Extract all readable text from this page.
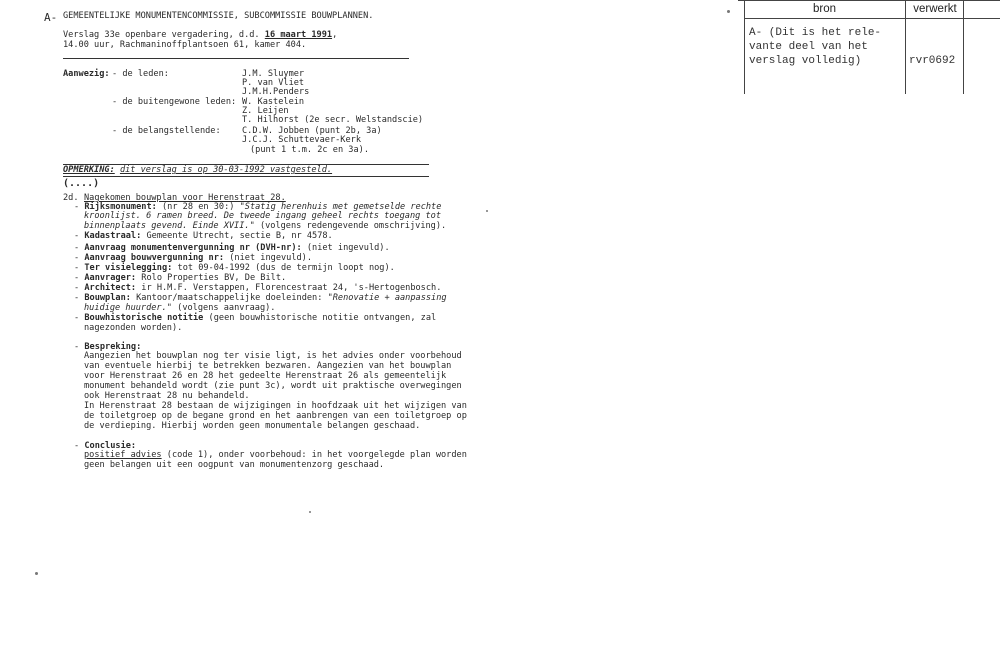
A- GEMEENTELIJKE MONUMENTENCOMMISSIE, SUBCOMMISSIE BOUWPLANNEN.
Verslag 33e openbare vergadering, d.d. 16 maart 1991,
14.00 uur, Rachmaninoffplantsoen 61, kamer 404.
Aanwezig: - de leden:	J.M. Sluymer
P. van Vliet
J.M.H.Penders
- de buitengewone leden: W. Kastelein
Z. Leijen
T. Hilhorst (2e secr. Welstandscie)
- de belangstellende: C.D.W. Jobben (punt 2b, 3a)
J.C.J. Schuttevaer-Kerk
(punt 1 t.m. 2c en 3a).
OPMERKING: dit verslag is op 30-03-1992 vastgesteld.
(....)
2d. Nagekomen bouwplan voor Herenstraat 28.
- Rijksmonument: (nr 28 en 30:) "Statig herenhuis met gemetselde rechte
kroonlijst. 6 ramen breed. De tweede ingang geheel rechts toegang tot
binnenplaats gevend. Einde XVII." (volgens redengevende omschrijving).
- Kadastraal: Gemeente Utrecht, sectie B, nr 4578.
- Aanvraag monumentenvergunning nr (DVH-nr): (niet ingevuld).
- Aanvraag bouwvergunning nr: (niet ingevuld).
- Ter visielegging: tot 09-04-1992 (dus de termijn loopt nog).
- Aanvrager: Rolo Properties BV, De Bilt.
- Architect: ir H.M.F. Verstappen, Florencestraat 24, 's-Hertogenbosch.
- Bouwplan: Kantoor/maatschappelijke doeleinden: "Renovatie + aanpassing
huidige huurder." (volgens aanvraag).
- Bouwhistorische notitie (geen bouwhistorische notitie ontvangen, zal
nagezonden worden).
- Bespreking:
Aangezien het bouwplan nog ter visie ligt, is het advies onder voorbehoud
van eventuele hierbij te betrekken bezwaren. Aangezien van het bouwplan
voor Herenstraat 26 en 28 het gedeelte Herenstraat 26 als gemeentelijk
monument behandeld wordt (zie punt 3c), wordt uit praktische overwegingen
ook Herenstraat 28 nu behandeld.
In Herenstraat 28 bestaan de wijzigingen in hoofdzaak uit het wijzigen van
de toiletgroep op de begane grond en het aanbrengen van een toiletgroep op
de verdieping. Hierbij worden geen monumentale belangen geschaad.
- Conclusie:
positief advies (code 1), onder voorbehoud: in het voorgelegde plan worden
geen belangen uit een oogpunt van monumentenzorg geschaad.
bron	verwerkt
A- (Dit is het rele-
vante deel van het
verslag volledig)	rvr0692
